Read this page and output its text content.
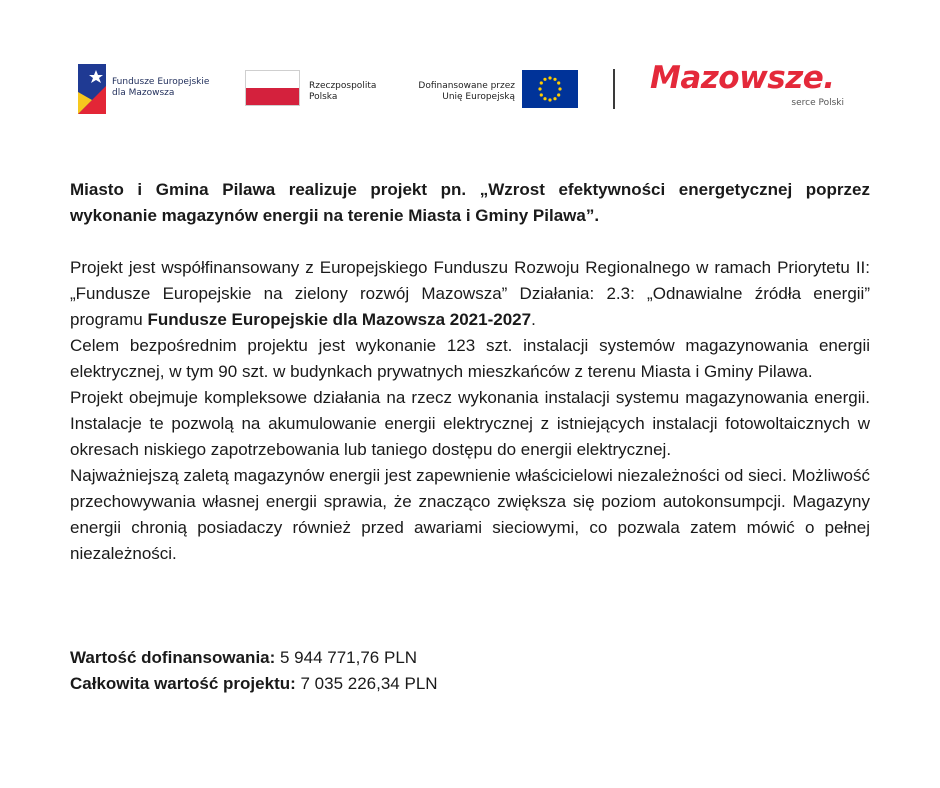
Fundusze Europejskie
dla Mazowsza
Rzeczpospolita
Polska
Dofinansowane przez
Unię Europejską
Mazowsze.
serce Polski

Miasto i Gmina Pilawa realizuje projekt pn. „Wzrost efektywności energetycznej poprzez wykonanie magazynów energii na terenie Miasta i Gminy Pilawa”.

Projekt jest współfinansowany z Europejskiego Funduszu Rozwoju Regionalnego w ramach Priorytetu II: „Fundusze Europejskie na zielony rozwój Mazowsza” Działania: 2.3: „Odnawialne źródła energii” programu Fundusze Europejskie dla Mazowsza 2021-2027.

Celem bezpośrednim projektu jest wykonanie 123 szt. instalacji systemów magazynowania energii elektrycznej, w tym 90 szt. w budynkach prywatnych mieszkańców z terenu Miasta i Gminy Pilawa.

Projekt obejmuje kompleksowe działania na rzecz wykonania instalacji systemu magazynowania energii. Instalacje te pozwolą na akumulowanie energii elektrycznej z istniejących instalacji fotowoltaicznych w okresach niskiego zapotrzebowania lub taniego dostępu do energii elektrycznej.

Najważniejszą zaletą magazynów energii jest zapewnienie właścicielowi niezależności od sieci. Możliwość przechowywania własnej energii sprawia, że znacząco zwiększa się poziom autokonsumpcji. Magazyny energii chronią posiadaczy również przed awariami sieciowymi, co pozwala zatem mówić o pełnej niezależności.

Wartość dofinansowania: 5 944 771,76 PLN
Całkowita wartość projektu: 7 035 226,34 PLN
